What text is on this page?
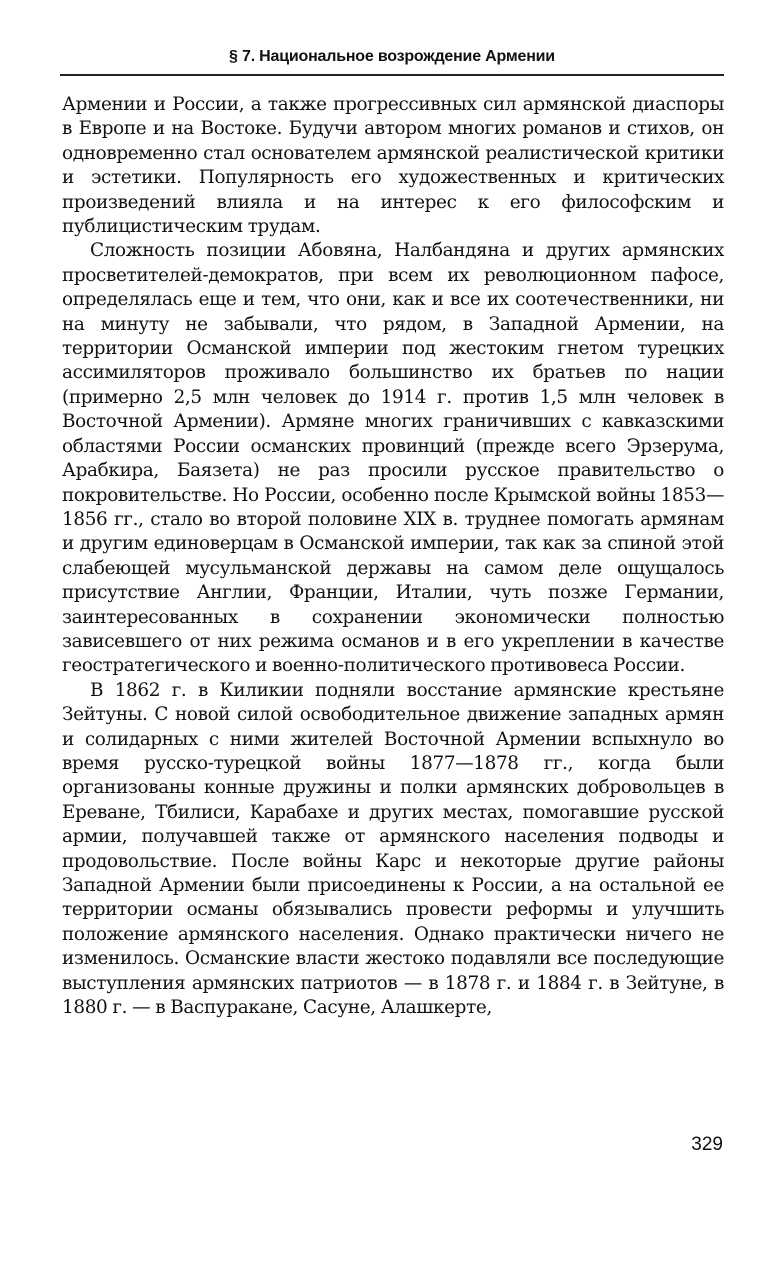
§ 7. Национальное возрождение Армении

Армении и России, а также прогрессивных сил армянской диаспоры в Европе и на Востоке. Будучи автором многих романов и стихов, он одновременно стал основателем армянской реалистической критики и эстетики. Популярность его художественных и критических произведений влияла и на интерес к его философским и публицистическим трудам.

Сложность позиции Абовяна, Налбандяна и других армянских просветителей-демократов, при всем их революционном пафосе, определялась еще и тем, что они, как и все их соотечественники, ни на минуту не забывали, что рядом, в Западной Армении, на территории Османской империи под жестоким гнетом турецких ассимиляторов проживало большинство их братьев по нации (примерно 2,5 млн человек до 1914 г. против 1,5 млн человек в Восточной Армении). Армяне многих граничивших с кавказскими областями России османских провинций (прежде всего Эрзерума, Арабкира, Баязета) не раз просили русское правительство о покровительстве. Но России, особенно после Крымской войны 1853—1856 гг., стало во второй половине XIX в. труднее помогать армянам и другим единоверцам в Османской империи, так как за спиной этой слабеющей мусульманской державы на самом деле ощущалось присутствие Англии, Франции, Италии, чуть позже Германии, заинтересованных в сохранении экономически полностью зависевшего от них режима османов и в его укреплении в качестве геостратегического и военно-политического противовеса России.

В 1862 г. в Киликии подняли восстание армянские крестьяне Зейтуны. С новой силой освободительное движение западных армян и солидарных с ними жителей Восточной Армении вспыхнуло во время русско-турецкой войны 1877—1878 гг., когда были организованы конные дружины и полки армянских добровольцев в Ереване, Тбилиси, Карабахе и других местах, помогавшие русской армии, получавшей также от армянского населения подводы и продовольствие. После войны Карс и некоторые другие районы Западной Армении были присоединены к России, а на остальной ее территории османы обязывались провести реформы и улучшить положение армянского населения. Однако практически ничего не изменилось. Османские власти жестоко подавляли все последующие выступления армянских патриотов — в 1878 г. и 1884 г. в Зейтуне, в 1880 г. — в Васпуракане, Сасуне, Алашкерте,

329
